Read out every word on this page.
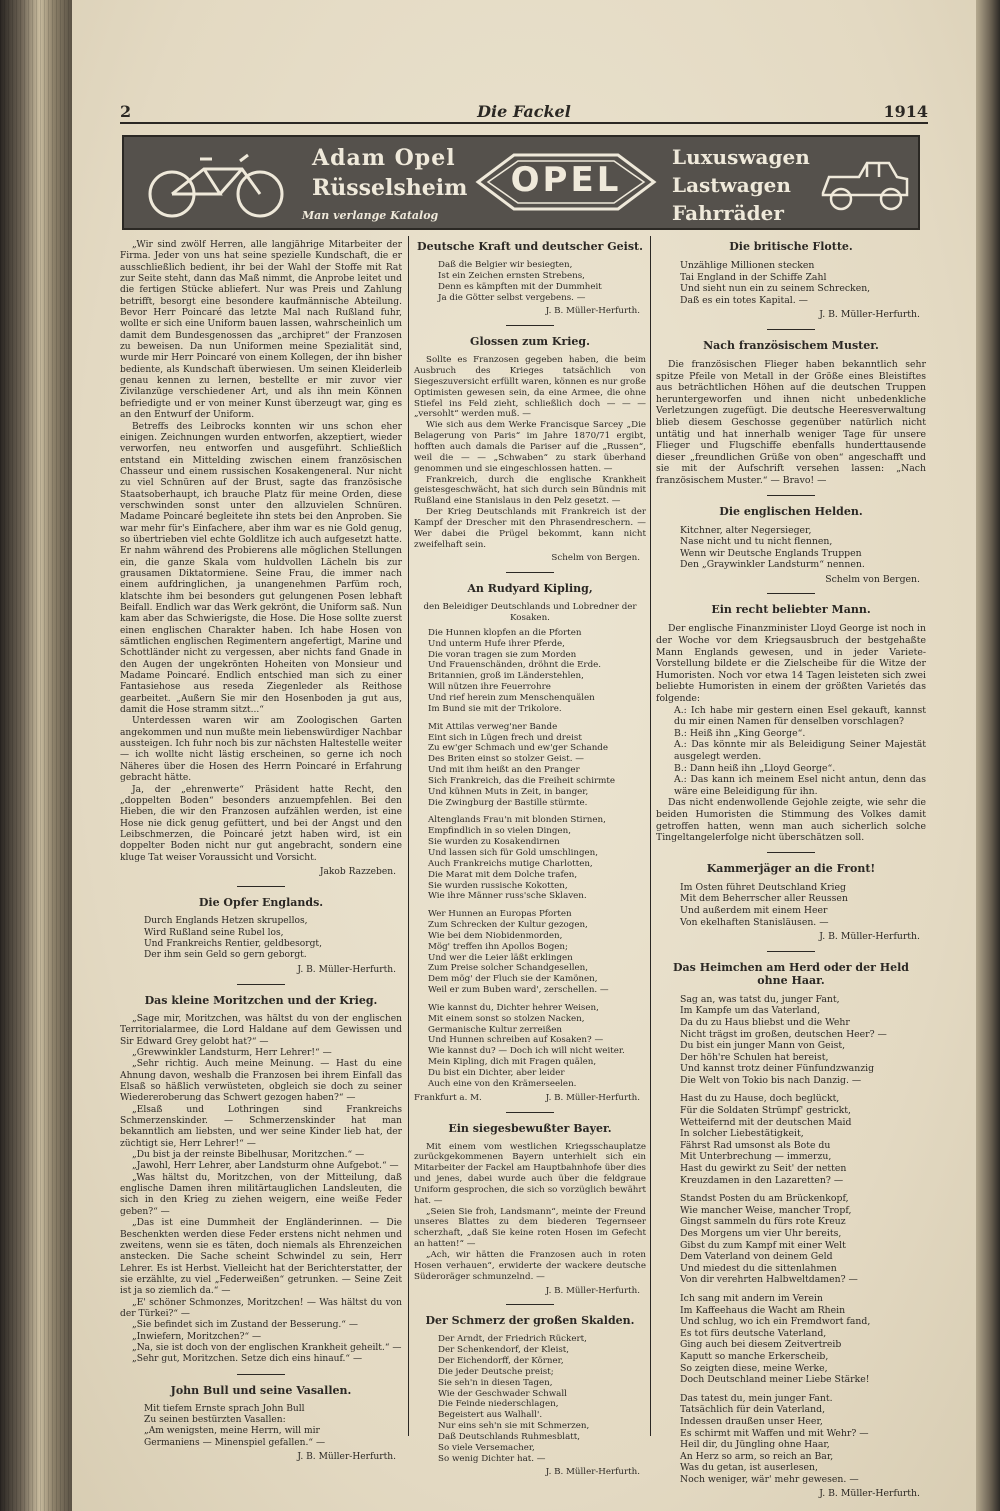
2	Die Fackel	1914
Adam Opel
Rüsselsheim
Man verlange Katalog
OPEL
Luxuswagen
Lastwagen
Fahrräder

„Wir sind zwölf Herren, alle langjährige Mitarbeiter der Firma. Jeder von uns hat seine spezielle Kundschaft, die er ausschließlich bedient, ihr bei der Wahl der Stoffe mit Rat zur Seite steht, dann das Maß nimmt, die Anprobe leitet und die fertigen Stücke abliefert. Nur was Preis und Zahlung betrifft, besorgt eine besondere kaufmännische Abteilung. Bevor Herr Poincaré das letzte Mal nach Rußland fuhr, wollte er sich eine Uniform bauen lassen, wahrscheinlich um damit dem Bundesgenossen das „archipret“ der Franzosen zu beweisen. Da nun Uniformen meine Spezialität sind, wurde mir Herr Poincaré von einem Kollegen, der ihn bisher bediente, als Kundschaft überwiesen. Um seinen Kleiderleib genau kennen zu lernen, bestellte er mir zuvor vier Zivilanzüge verschiedener Art, und als ihn mein Können befriedigte und er von meiner Kunst überzeugt war, ging es an den Entwurf der Uniform.

Betreffs des Leibrocks konnten wir uns schon eher einigen. Zeichnungen wurden entworfen, akzeptiert, wieder verworfen, neu entworfen und ausgeführt. Schließlich entstand ein Mittelding zwischen einem französischen Chasseur und einem russischen Kosakengeneral. Nur nicht zu viel Schnüren auf der Brust, sagte das französische Staatsoberhaupt, ich brauche Platz für meine Orden, diese verschwinden sonst unter den allzuvielen Schnüren. Madame Poincaré begleitete ihn stets bei den Anproben. Sie war mehr für's Einfachere, aber ihm war es nie Gold genug, so übertrieben viel echte Goldlitze ich auch aufgesetzt hatte. Er nahm während des Probierens alle möglichen Stellungen ein, die ganze Skala vom huldvollen Lächeln bis zur grausamen Diktatormiene. Seine Frau, die immer nach einem aufdringlichen, ja unangenehmen Parfüm roch, klatschte ihm bei besonders gut gelungenen Posen lebhaft Beifall. Endlich war das Werk gekrönt, die Uniform saß. Nun kam aber das Schwierigste, die Hose. Die Hose sollte zuerst einen englischen Charakter haben. Ich habe Hosen von sämtlichen englischen Regimentern angefertigt, Marine und Schottländer nicht zu vergessen, aber nichts fand Gnade in den Augen der ungekrönten Hoheiten von Monsieur und Madame Poincaré. Endlich entschied man sich zu einer Fantasiehose aus reseda Ziegenleder als Reithose gearbeitet. „Außern Sie mir den Hosenboden ja gut aus, damit die Hose stramm sitzt...“

Unterdessen waren wir am Zoologischen Garten angekommen und nun mußte mein liebenswürdiger Nachbar aussteigen. Ich fuhr noch bis zur nächsten Haltestelle weiter — ich wollte nicht lästig erscheinen, so gerne ich noch Näheres über die Hosen des Herrn Poincaré in Erfahrung gebracht hätte.

Ja, der „ehrenwerte“ Präsident hatte Recht, den „doppelten Boden“ besonders anzuempfehlen. Bei den Hieben, die wir den Franzosen aufzählen werden, ist eine Hose nie dick genug gefüttert, und bei der Angst und den Leibschmerzen, die Poincaré jetzt haben wird, ist ein doppelter Boden nicht nur gut angebracht, sondern eine kluge Tat weiser Voraussicht und Vorsicht.

Jakob Razzeben.
Die Opfer Englands.
Durch Englands Hetzen skrupellos,
Wird Rußland seine Rubel los,
Und Frankreichs Rentier, geldbesorgt,
Der ihm sein Geld so gern geborgt.
J. B. Müller-Herfurth.
Das kleine Moritzchen und der Krieg.

„Sage mir, Moritzchen, was hältst du von der englischen Territorialarmee, die Lord Haldane auf dem Gewissen und Sir Edward Grey gelobt hat?“ —

„Grewwinkler Landsturm, Herr Lehrer!“ —

„Sehr richtig. Auch meine Meinung. — Hast du eine Ahnung davon, weshalb die Franzosen bei ihrem Einfall das Elsaß so häßlich verwüsteten, obgleich sie doch zu seiner Wiedereroberung das Schwert gezogen haben?“ —

„Elsaß und Lothringen sind Frankreichs Schmerzenskinder. — Schmerzenskinder hat man bekanntlich am liebsten, und wer seine Kinder lieb hat, der züchtigt sie, Herr Lehrer!“ —

„Du bist ja der reinste Bibelhusar, Moritzchen.“ —

„Jawohl, Herr Lehrer, aber Landsturm ohne Aufgebot.“ —

„Was hältst du, Moritzchen, von der Mitteilung, daß englische Damen ihren militärtauglichen Landsleuten, die sich in den Krieg zu ziehen weigern, eine weiße Feder geben?“ —

„Das ist eine Dummheit der Engländerinnen. — Die Beschenkten werden diese Feder erstens nicht nehmen und zweitens, wenn sie es täten, doch niemals als Ehrenzeichen anstecken. Die Sache scheint Schwindel zu sein, Herr Lehrer. Es ist Herbst. Vielleicht hat der Berichterstatter, der sie erzählte, zu viel „Federweißen“ getrunken. — Seine Zeit ist ja so ziemlich da.“ —

„E' schöner Schmonzes, Moritzchen! — Was hältst du von der Türkei?“ —

„Sie befindet sich im Zustand der Besserung.“ —

„Inwiefern, Moritzchen?“ —

„Na, sie ist doch von der englischen Krankheit geheilt.“ —

„Sehr gut, Moritzchen. Setze dich eins hinauf.“ —

John Bull und seine Vasallen.
Mit tiefem Ernste sprach John Bull
Zu seinen bestürzten Vasallen:
„Am wenigsten, meine Herrn, will mir
Germaniens — Minenspiel gefallen.“ —
J. B. Müller-Herfurth.
Deutsche Kraft und deutscher Geist.
Daß die Belgier wir besiegten,
Ist ein Zeichen ernsten Strebens,
Denn es kämpften mit der Dummheit
Ja die Götter selbst vergebens. —
J. B. Müller-Herfurth.
Glossen zum Krieg.

Sollte es Franzosen gegeben haben, die beim Ausbruch des Krieges tatsächlich von Siegeszuversicht erfüllt waren, können es nur große Optimisten gewesen sein, da eine Armee, die ohne Stiefel ins Feld zieht, schließlich doch — — — „versohlt“ werden muß. —

Wie sich aus dem Werke Francisque Sarcey „Die Belagerung von Paris“ im Jahre 1870/71 ergibt, hofften auch damals die Pariser auf die „Russen“, weil die — — „Schwaben“ zu stark überhand genommen und sie eingeschlossen hatten. —

Frankreich, durch die englische Krankheit geistesgeschwächt, hat sich durch sein Bündnis mit Rußland eine Stanislaus in den Pelz gesetzt. —

Der Krieg Deutschlands mit Frankreich ist der Kampf der Drescher mit den Phrasendreschern. — Wer dabei die Prügel bekommt, kann nicht zweifelhaft sein.

Schelm von Bergen.
An Rudyard Kipling,
den Beleidiger Deutschlands und Lobredner der Kosaken.
Die Hunnen klopfen an die Pforten
Und unterm Hufe ihrer Pferde,
Die voran tragen sie zum Morden
Und Frauenschänden, dröhnt die Erde.
Britannien, groß im Länderstehlen,
Will nützen ihre Feuerrohre
Und rief herein zum Menschenquälen
Im Bund sie mit der Trikolore.
Mit Attilas verweg'ner Bande
Eint sich in Lügen frech und dreist
Zu ew'ger Schmach und ew'ger Schande
Des Briten einst so stolzer Geist. —
Und mit ihm heißt an den Pranger
Sich Frankreich, das die Freiheit schirmte
Und kühnen Muts in Zeit, in banger,
Die Zwingburg der Bastille stürmte.
Altenglands Frau'n mit blonden Stirnen,
Empfindlich in so vielen Dingen,
Sie wurden zu Kosakendirnen
Und lassen sich für Gold umschlingen,
Auch Frankreichs mutige Charlotten,
Die Marat mit dem Dolche trafen,
Sie wurden russische Kokotten,
Wie ihre Männer russ'sche Sklaven.
Wer Hunnen an Europas Pforten
Zum Schrecken der Kultur gezogen,
Wie bei dem Niobidenmorden,
Mög' treffen ihn Apollos Bogen;
Und wer die Leier läßt erklingen
Zum Preise solcher Schandgesellen,
Dem mög' der Fluch sie der Kamönen,
Weil er zum Buben ward', zerschellen. —
Wie kannst du, Dichter hehrer Weisen,
Mit einem sonst so stolzen Nacken,
Germanische Kultur zerreißen
Und Hunnen schreiben auf Kosaken? —
Wie kannst du? — Doch ich will nicht weiter.
Mein Kipling, dich mit Fragen quälen,
Du bist ein Dichter, aber leider
Auch eine von den Krämerseelen.
Frankfurt a. M.	J. B. Müller-Herfurth.
Ein siegesbewußter Bayer.

Mit einem vom westlichen Kriegsschauplatze zurückgekommenen Bayern unterhielt sich ein Mitarbeiter der Fackel am Hauptbahnhofe über dies und jenes, dabei wurde auch über die feldgraue Uniform gesprochen, die sich so vorzüglich bewährt hat. —

„Seien Sie froh, Landsmann“, meinte der Freund unseres Blattes zu dem biederen Tegernseer scherzhaft, „daß Sie keine roten Hosen im Gefecht an hatten!“ —

„Ach, wir hätten die Franzosen auch in roten Hosen verhauen“, erwiderte der wackere deutsche Süderoräger schmunzelnd. —

J. B. Müller-Herfurth.
Der Schmerz der großen Skalden.
Der Arndt, der Friedrich Rückert,
Der Schenkendorf, der Kleist,
Der Eichendorff, der Körner,
Die jeder Deutsche preist;
Sie seh'n in diesen Tagen,
Wie der Geschwader Schwall
Die Feinde niederschlagen,
Begeistert aus Walhall'.
Nur eins seh'n sie mit Schmerzen,
Daß Deutschlands Ruhmesblatt,
So viele Versemacher,
So wenig Dichter hat. —
J. B. Müller-Herfurth.
Die britische Flotte.
Unzählige Millionen stecken
Tai England in der Schiffe Zahl
Und sieht nun ein zu seinem Schrecken,
Daß es ein totes Kapital. —
J. B. Müller-Herfurth.
Nach französischem Muster.

Die französischen Flieger haben bekanntlich sehr spitze Pfeile von Metall in der Größe eines Bleistiftes aus beträchtlichen Höhen auf die deutschen Truppen heruntergeworfen und ihnen nicht unbedenkliche Verletzungen zugefügt. Die deutsche Heeresverwaltung blieb diesem Geschosse gegenüber natürlich nicht untätig und hat innerhalb weniger Tage für unsere Flieger und Flugschiffe ebenfalls hunderttausende dieser „freundlichen Grüße von oben“ angeschafft und sie mit der Aufschrift versehen lassen: „Nach französischem Muster.“ — Bravo! —

Die englischen Helden.
Kitchner, alter Negersieger,
Nase nicht und tu nicht flennen,
Wenn wir Deutsche Englands Truppen
Den „Graywinkler Landsturm“ nennen.
Schelm von Bergen.
Ein recht beliebter Mann.

Der englische Finanzminister Lloyd George ist noch in der Woche vor dem Kriegsausbruch der bestgehaßte Mann Englands gewesen, und in jeder Variete-Vorstellung bildete er die Zielscheibe für die Witze der Humoristen. Noch vor etwa 14 Tagen leisteten sich zwei beliebte Humoristen in einem der größten Varietés das folgende:

A.: Ich habe mir gestern einen Esel gekauft, kannst du mir einen Namen für denselben vorschlagen?
B.: Heiß ihn „King George“.
A.: Das könnte mir als Beleidigung Seiner Majestät ausgelegt werden.
B.: Dann heiß ihn „Lloyd George“.
A.: Das kann ich meinem Esel nicht antun, denn das wäre eine Beleidigung für ihn.

Das nicht endenwollende Gejohle zeigte, wie sehr die beiden Humoristen die Stimmung des Volkes damit getroffen hatten, wenn man auch sicherlich solche Tingeltangelerfolge nicht überschätzen soll.

Kammerjäger an die Front!
Im Osten führet Deutschland Krieg
Mit dem Beherrscher aller Reussen
Und außerdem mit einem Heer
Von ekelhaften Stanisläusen. —
J. B. Müller-Herfurth.
Das Heimchen am Herd oder der Held ohne Haar.
Sag an, was tatst du, junger Fant,
Im Kampfe um das Vaterland,
Da du zu Haus bliebst und die Wehr
Nicht trägst im großen, deutschen Heer? —
Du bist ein junger Mann von Geist,
Der höh're Schulen hat bereist,
Und kannst trotz deiner Fünfundzwanzig
Die Welt von Tokio bis nach Danzig. —
Hast du zu Hause, doch beglückt,
Für die Soldaten Strümpf' gestrickt,
Wetteifernd mit der deutschen Maid
In solcher Liebestätigkeit,
Fährst Rad umsonst als Bote du
Mit Unterbrechung — immerzu,
Hast du gewirkt zu Seit' der netten
Kreuzdamen in den Lazaretten? —
Standst Posten du am Brückenkopf,
Wie mancher Weise, mancher Tropf,
Gingst sammeln du fürs rote Kreuz
Des Morgens um vier Uhr bereits,
Gibst du zum Kampf mit einer Welt
Dem Vaterland von deinem Geld
Und miedest du die sittenlahmen
Von dir verehrten Halbweltdamen? —
Ich sang mit andern im Verein
Im Kaffeehaus die Wacht am Rhein
Und schlug, wo ich ein Fremdwort fand,
Es tot fürs deutsche Vaterland,
Ging auch bei diesem Zeitvertreib
Kaputt so manche Erkerscheib,
So zeigten diese, meine Werke,
Doch Deutschland meiner Liebe Stärke!
Das tatest du, mein junger Fant.
Tatsächlich für dein Vaterland,
Indessen draußen unser Heer,
Es schirmt mit Waffen und mit Wehr? —
Heil dir, du Jüngling ohne Haar,
An Herz so arm, so reich an Bar,
Was du getan, ist auserlesen,
Noch weniger, wär' mehr gewesen. —
J. B. Müller-Herfurth.
